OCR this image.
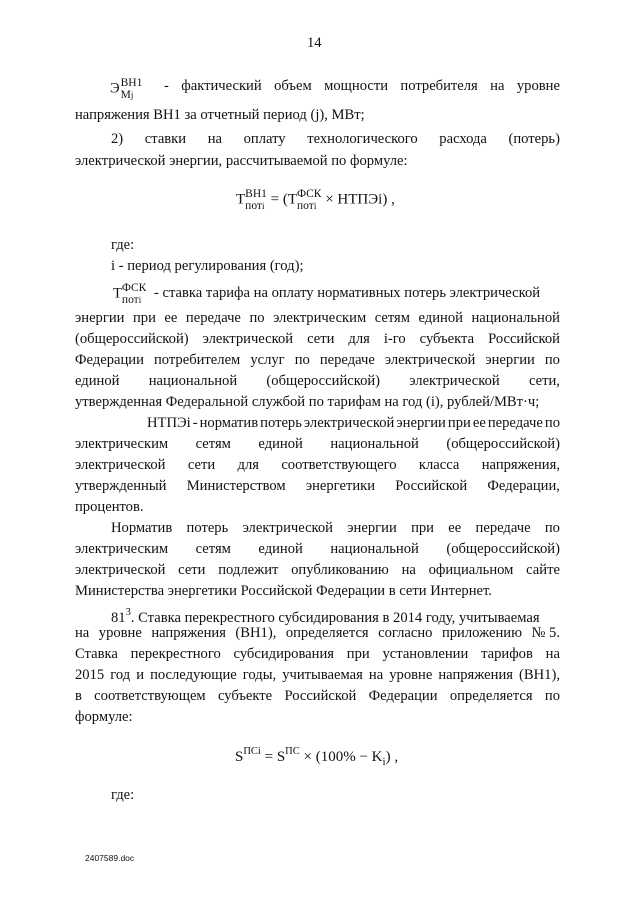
14
Э ВН1
Мj
- фактический объем мощности потребителя на уровне
напряжения ВН1 за отчетный период (j), МВт;
2) ставки на оплату технологического расхода (потерь)
электрической энергии, рассчитываемой по формуле:
Т ВН1
потi = (Т ФСК
потi × НТПЭi) ,
где:
i - период регулирования (год);
Т ФСК
потi - ставка тарифа на оплату нормативных потерь электрической
энергии при ее передаче по электрическим сетям единой национальной
(общероссийской) электрической сети для i-го субъекта Российской
Федерации потребителем услуг по передаче электрической энергии по
единой национальной (общероссийской) электрической сети,
утвержденная Федеральной службой по тарифам на год (i), рублей/МВт·ч;
НТПЭi - норматив потерь электрической энергии при ее передаче по
электрическим сетям единой национальной (общероссийской)
электрической сети для соответствующего класса напряжения,
утвержденный Министерством энергетики Российской Федерации,
процентов.
Норматив потерь электрической энергии при ее передаче по
электрическим сетям единой национальной (общероссийской)
электрической сети подлежит опубликованию на официальном сайте
Министерства энергетики Российской Федерации в сети Интернет.
$81^3$. Ставка перекрестного субсидирования в 2014 году, учитываемая
на уровне напряжения (ВН1), определяется согласно приложению № 5.
Ставка перекрестного субсидирования при установлении тарифов на
2015 год и последующие годы, учитываемая на уровне напряжения (ВН1),
в соответствующем субъекте Российской Федерации определяется по
формуле:
$S^{ПСi} = S^{ПС} \times (100\% - K_i)$ ,
где:
2407589.doc
